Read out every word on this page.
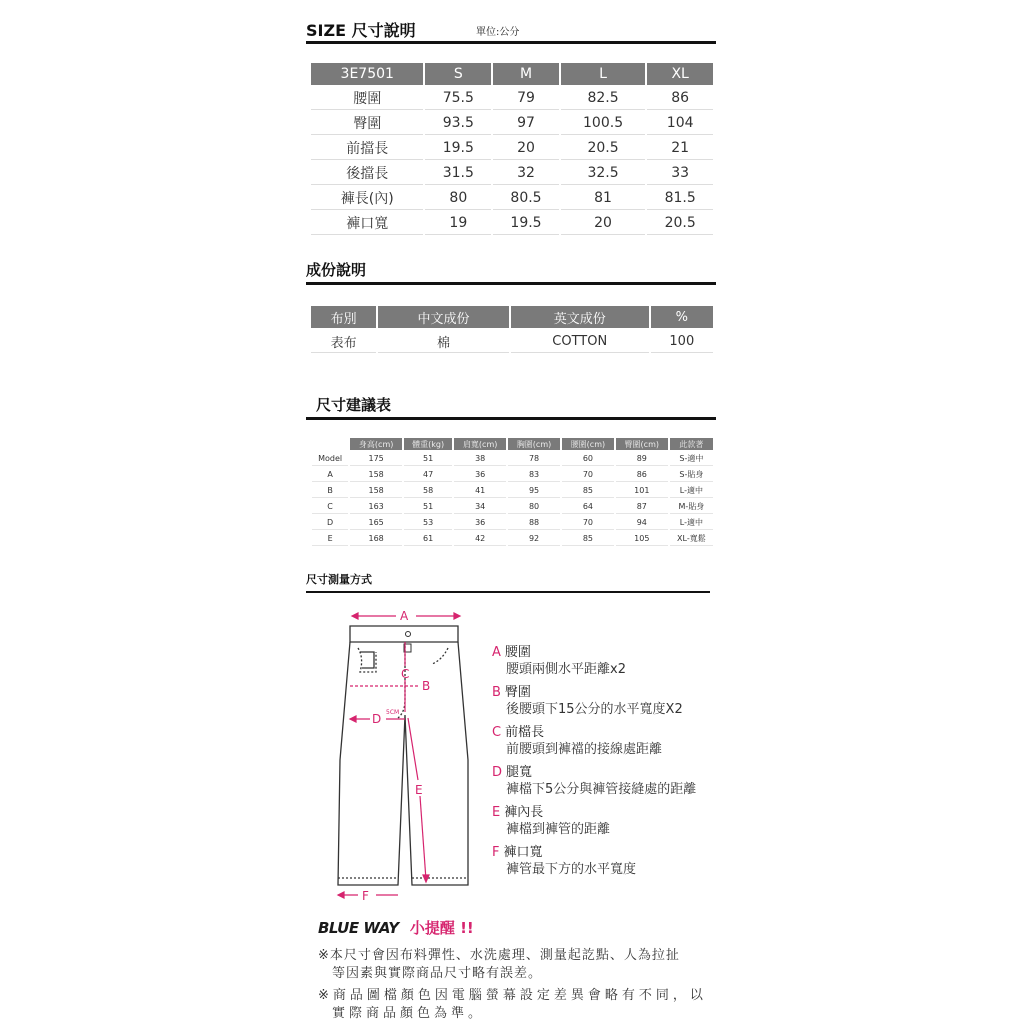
SIZE 尺寸說明	單位:公分
3E7501	S	M	L	XL
腰圍	75.5	79	82.5	86
臀圍	93.5	97	100.5	104
前擋長	19.5	20	20.5	21
後擋長	31.5	32	32.5	33
褲長(內)	80	80.5	81	81.5
褲口寬	19	19.5	20	20.5
成份說明
布別	中文成份	英文成份	%
表布	棉	COTTON	100
尺寸建議表
	身高(cm)	體重(kg)	肩寬(cm)	胸圍(cm)	腰圍(cm)	臀圍(cm)	此款著
Model	175	51	38	78	60	89	S-適中
A	158	47	36	83	70	86	S-貼身
B	158	58	41	95	85	101	L-適中
C	163	51	34	80	64	87	M-貼身
D	165	53	36	88	70	94	L-適中
E	168	61	42	92	85	105	XL-寬鬆
尺寸測量方式
A
B
C
D 5CM
E
F
A 腰圍
腰頭兩側水平距離x2
B 臀圍
後腰頭下15公分的水平寬度X2
C 前檔長
前腰頭到褲襠的接線處距離
D 腿寬
褲檔下5公分與褲管接縫處的距離
E 褲內長
褲檔到褲管的距離
F 褲口寬
褲管最下方的水平寬度
BLUE WAY 小提醒 !!
※本尺寸會因布料彈性、水洗處理、測量起訖點、人為拉扯
等因素與實際商品尺寸略有誤差。
※商品圖檔顏色因電腦螢幕設定差異會略有不同，以
實際商品顏色為準。
